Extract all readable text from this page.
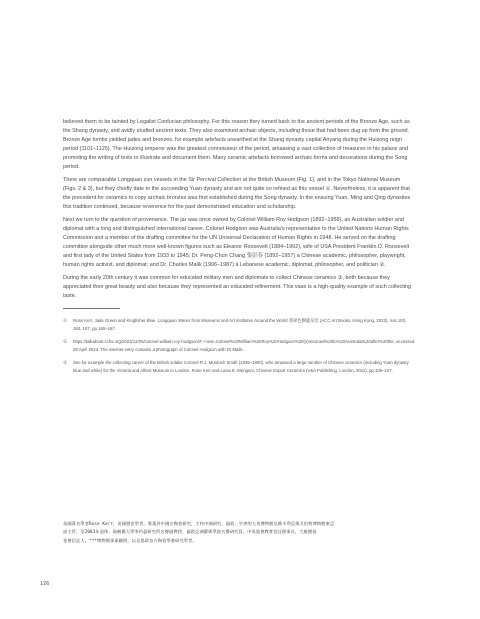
believed them to be tainted by Legalist Confucian philosophy. For this reason they turned back to the ancient periods of the Bronze Age, such as the Shang dynasty, and avidly studied ancient texts. They also examined archaic objects, including those that had been dug up from the ground. Bronze Age tombs yielded jades and bronzes, for example artefacts unearthed at the Shang dynasty capital Anyang during the Huizong reign period (1101–1125). The Huizong emperor was the greatest connoisseur of the period, amassing a vast collection of treasures in his palace and promoting the writing of texts to illustrate and document them. Many ceramic artefacts borrowed archaic forms and decorations during the Song period.

There are comparable Longquan zun vessels in the Sir Percival Collection at the British Museum (Fig. 1), and in the Tokyo National Museum (Figs. 2 & 3), but they chiefly date to the succeeding Yuan dynasty and are not quite so refined as this vessel ①. Nevertheless, it is apparent that the precedent for ceramics to copy archaic bronzes was first established during the Song dynasty. In the ensuing Yuan, Ming and Qing dynasties this tradition continued, because reverence for the past demonstrated education and scholarship.

Next we turn to the question of provenance. The jar was once owned by Colonel William Roy Hodgson (1892–1958), an Australian soldier and diplomat with a long and distinguished international career. Colonel Hodgson was Australia's representative to the United Nations Human Rights Commission and a member of the drafting committee for the UN Universal Declaration of Human Rights in 1948. He served on the drafting committee alongside other much more well-known figures such as Eleanor Roosevelt (1884–1962), wife of USA President Franklin D. Roosevelt and first lady of the United States from 1933 to 1945; Dr. Peng-Chun Chang 張彭春 (1892–1957) a Chinese academic, philosopher, playwright, human rights activist, and diplomat; and Dr. Charles Malik (1906–1987) a Lebanese academic, diplomat, philosopher, and politician ②.

During the early 20th century it was common for educated military men and diplomats to collect Chinese ceramics ③, both because they appreciated their great beauty and also because they represented an educated refinement. This vase is a high-quality example of such collecting taste.

①	Rose Kerr, Jade Green and Kingfisher Blue. Longquan Wares from Museums and Art Institutes Around the World 翡翠色樹龍泉窯 (ACC Art Books, Hong Kong, 2022), nos 183, 184, 187, pp.165–167.
②	https://talkabout.cchs.org/2023/12/05/colonel-william-roy-hodgson/#:~:text=Colonel%20William%20Roy%20Hodgson%20(s)returned%20to%20Australia%20after%20the, accessed 28 April 2024. The internet entry contains a photograph of Colonel Hodgson with Dr Malik.
③	See for example the collecting career of the British soldier Colonel R.J. Murdoch Smith (1835–1900), who amassed a large number of Chinese ceramics (including Yuan dynasty blue and white) for the Victoria and Albert Museum in London. Rose Kerr and Luisa E. Mengoni, Chinese Export Ceramics (V&A Publishing, London, 2011), pp.105–107.
英國著名學者Rose Kerr，英國歷史學者、專業於中國古陶瓷研究，主持中國研究，倫敦、牛津的大英博物館及維多利亞與艾伯特博物館東亞
部主管，至2003年退休。現劍橋大學李約瑟研究所名譽副教授、倫敦亞洲藝術學院名譽研究員，中英協會教育信託理事長，大維德基
金會信託人。***博物館事業顧問，以及協助各方陶瓷學會研究學者。
126
